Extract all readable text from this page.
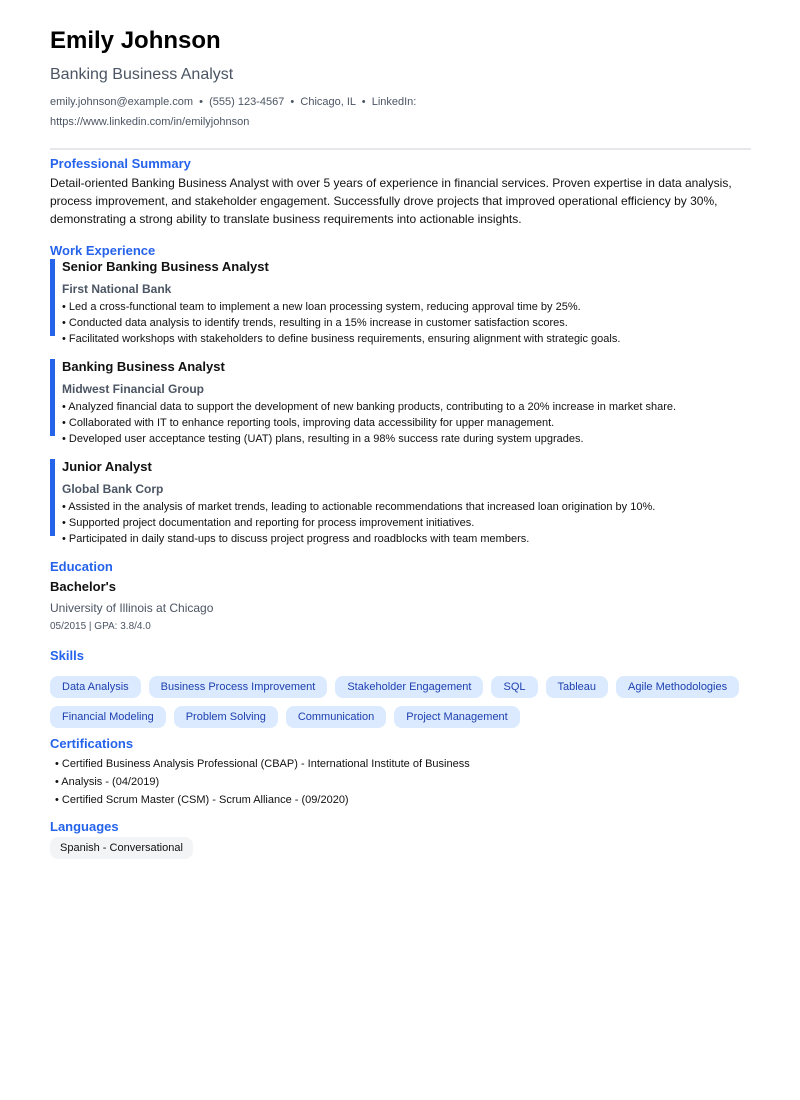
Emily Johnson
Banking Business Analyst
emily.johnson@example.com  •  (555) 123-4567  •  Chicago, IL  •  LinkedIn:
https://www.linkedin.com/in/emilyjohnson
Professional Summary

Detail-oriented Banking Business Analyst with over 5 years of experience in financial services. Proven expertise in data analysis, process improvement, and stakeholder engagement. Successfully drove projects that improved operational efficiency by 30%, demonstrating a strong ability to translate business requirements into actionable insights.

Work Experience
Senior Banking Business Analyst
First National Bank
• Led a cross-functional team to implement a new loan processing system, reducing approval time by 25%.
• Conducted data analysis to identify trends, resulting in a 15% increase in customer satisfaction scores.
• Facilitated workshops with stakeholders to define business requirements, ensuring alignment with strategic goals.
Banking Business Analyst
Midwest Financial Group
• Analyzed financial data to support the development of new banking products, contributing to a 20% increase in market share.
• Collaborated with IT to enhance reporting tools, improving data accessibility for upper management.
• Developed user acceptance testing (UAT) plans, resulting in a 98% success rate during system upgrades.
Junior Analyst
Global Bank Corp
• Assisted in the analysis of market trends, leading to actionable recommendations that increased loan origination by 10%.
• Supported project documentation and reporting for process improvement initiatives.
• Participated in daily stand-ups to discuss project progress and roadblocks with team members.
Education
Bachelor's
University of Illinois at Chicago
05/2015 | GPA: 3.8/4.0
Skills
Data Analysis	Business Process Improvement	Stakeholder Engagement	SQL	Tableau	Agile Methodologies
Financial Modeling	Problem Solving	Communication	Project Management
Certifications
• Certified Business Analysis Professional (CBAP) - International Institute of Business
• Analysis - (04/2019)
• Certified Scrum Master (CSM) - Scrum Alliance - (09/2020)
Languages
Spanish - Conversational
